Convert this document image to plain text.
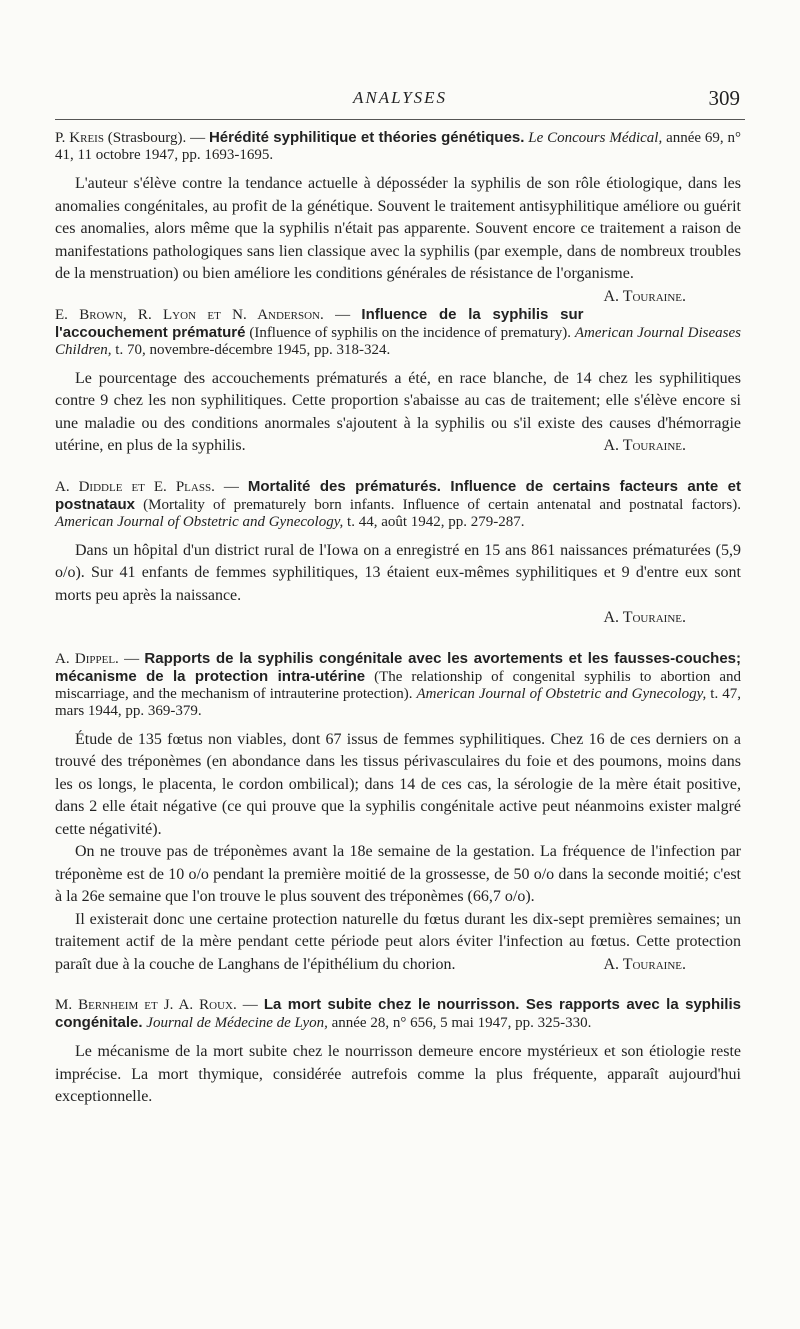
ANALYSES	309

P. Kreis (Strasbourg). — Hérédité syphilitique et théories génétiques. Le Concours Médical, année 69, n° 41, 11 octobre 1947, pp. 1693-1695.

L'auteur s'élève contre la tendance actuelle à déposséder la syphilis de son rôle étiologique, dans les anomalies congénitales, au profit de la génétique. Souvent le traitement antisyphilitique améliore ou guérit ces anomalies, alors même que la syphilis n'était pas apparente. Souvent encore ce traitement a raison de manifestations pathologiques sans lien classique avec la syphilis (par exemple, dans de nombreux troubles de la menstruation) ou bien améliore les conditions générales de résistance de l'organisme.
A. Touraine.

E. Brown, R. Lyon et N. Anderson. — Influence de la syphilis sur l'accouchement prématuré (Influence of syphilis on the incidence of prematury). American Journal Diseases Children, t. 70, novembre-décembre 1945, pp. 318-324.

Le pourcentage des accouchements prématurés a été, en race blanche, de 14 chez les syphilitiques contre 9 chez les non syphilitiques. Cette proportion s'abaisse au cas de traitement; elle s'élève encore si une maladie ou des conditions anormales s'ajoutent à la syphilis ou s'il existe des causes d'hémorragie utérine, en plus de la syphilis.	A. Touraine.

A. Diddle et E. Plass. — Mortalité des prématurés. Influence de certains facteurs ante et postnataux (Mortality of prematurely born infants. Influence of certain antenatal and postnatal factors). American Journal of Obstetric and Gynecology, t. 44, août 1942, pp. 279-287.

Dans un hôpital d'un district rural de l'Iowa on a enregistré en 15 ans 861 naissances prématurées (5,9 o/o). Sur 41 enfants de femmes syphilitiques, 13 étaient eux-mêmes syphilitiques et 9 d'entre eux sont morts peu après la naissance.

A. Touraine.

A. Dippel. — Rapports de la syphilis congénitale avec les avortements et les fausses-couches; mécanisme de la protection intra-utérine (The relationship of congenital syphilis to abortion and miscarriage, and the mechanism of intrauterine protection). American Journal of Obstetric and Gynecology, t. 47, mars 1944, pp. 369-379.

Étude de 135 fœtus non viables, dont 67 issus de femmes syphilitiques. Chez 16 de ces derniers on a trouvé des tréponèmes (en abondance dans les tissus périvasculaires du foie et des poumons, moins dans les os longs, le placenta, le cordon ombilical); dans 14 de ces cas, la sérologie de la mère était positive, dans 2 elle était négative (ce qui prouve que la syphilis congénitale active peut néanmoins exister malgré cette négativité).

On ne trouve pas de tréponèmes avant la 18e semaine de la gestation. La fréquence de l'infection par tréponème est de 10 o/o pendant la première moitié de la grossesse, de 50 o/o dans la seconde moitié; c'est à la 26e semaine que l'on trouve le plus souvent des tréponèmes (66,7 o/o).

Il existerait donc une certaine protection naturelle du fœtus durant les dix-sept premières semaines; un traitement actif de la mère pendant cette période peut alors éviter l'infection au fœtus. Cette protection paraît due à la couche de Langhans de l'épithélium du chorion.	A. Touraine.

M. Bernheim et J. A. Roux. — La mort subite chez le nourrisson. Ses rapports avec la syphilis congénitale. Journal de Médecine de Lyon, année 28, n° 656, 5 mai 1947, pp. 325-330.

Le mécanisme de la mort subite chez le nourrisson demeure encore mystérieux et son étiologie reste imprécise. La mort thymique, considérée autrefois comme la plus fréquente, apparaît aujourd'hui exceptionnelle.
